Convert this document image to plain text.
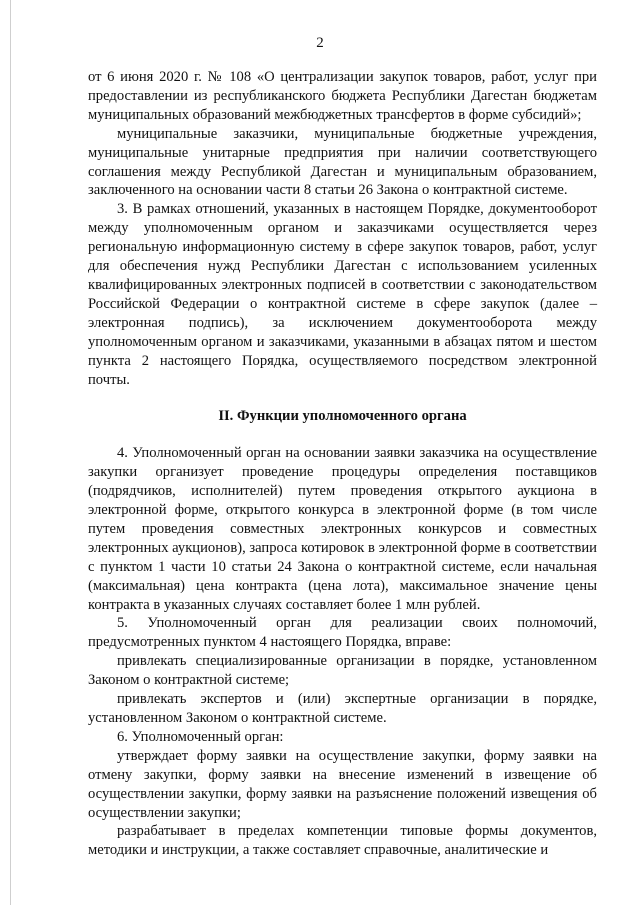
2

от 6 июня 2020 г. № 108 «О централизации закупок товаров, работ, услуг при предоставлении из республиканского бюджета Республики Дагестан бюджетам муниципальных образований межбюджетных трансфертов в форме субсидий»;

муниципальные заказчики, муниципальные бюджетные учреждения, муниципальные унитарные предприятия при наличии соответствующего соглашения между Республикой Дагестан и муниципальным образованием, заключенного на основании части 8 статьи 26 Закона о контрактной системе.

3. В рамках отношений, указанных в настоящем Порядке, документооборот между уполномоченным органом и заказчиками осуществляется через региональную информационную систему в сфере закупок товаров, работ, услуг для обеспечения нужд Республики Дагестан с использованием усиленных квалифицированных электронных подписей в соответствии с законодательством Российской Федерации о контрактной системе в сфере закупок (далее – электронная подпись), за исключением документооборота между уполномоченным органом и заказчиками, указанными в абзацах пятом и шестом пункта 2 настоящего Порядка, осуществляемого посредством электронной почты.

II. Функции уполномоченного органа

4. Уполномоченный орган на основании заявки заказчика на осуществление закупки организует проведение процедуры определения поставщиков (подрядчиков, исполнителей) путем проведения открытого аукциона в электронной форме, открытого конкурса в электронной форме (в том числе путем проведения совместных электронных конкурсов и совместных электронных аукционов), запроса котировок в электронной форме в соответствии с пунктом 1 части 10 статьи 24 Закона о контрактной системе, если начальная (максимальная) цена контракта (цена лота), максимальное значение цены контракта в указанных случаях составляет более 1 млн рублей.

5. Уполномоченный орган для реализации своих полномочий, предусмотренных пунктом 4 настоящего Порядка, вправе:

привлекать специализированные организации в порядке, установленном Законом о контрактной системе;

привлекать экспертов и (или) экспертные организации в порядке, установленном Законом о контрактной системе.

6. Уполномоченный орган:

утверждает форму заявки на осуществление закупки, форму заявки на отмену закупки, форму заявки на внесение изменений в извещение об осуществлении закупки, форму заявки на разъяснение положений извещения об осуществлении закупки;

разрабатывает в пределах компетенции типовые формы документов, методики и инструкции, а также составляет справочные, аналитические и
